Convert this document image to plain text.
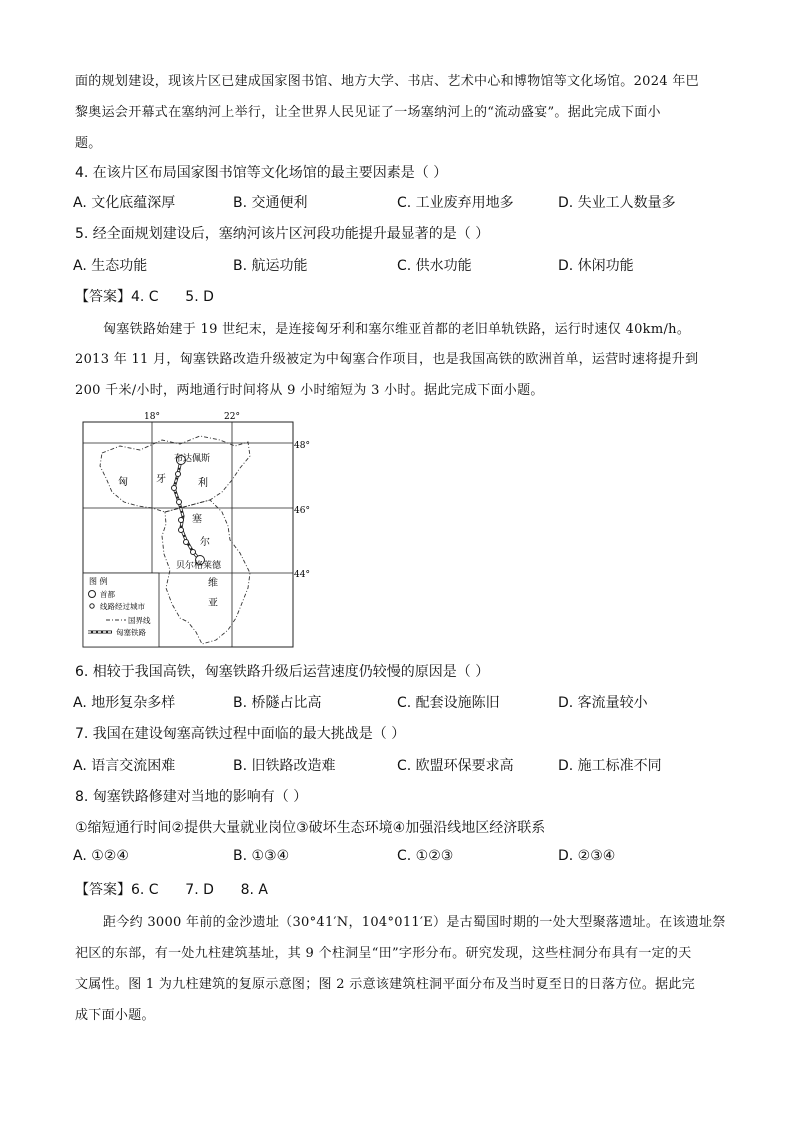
面的规划建设，现该片区已建成国家图书馆、地方大学、书店、艺术中心和博物馆等文化场馆。2024 年巴
黎奥运会开幕式在塞纳河上举行，让全世界人民见证了一场塞纳河上的“流动盛宴”。据此完成下面小
题。
4. 在该片区布局国家图书馆等文化场馆的最主要因素是（ ）
A. 文化底蕴深厚	B. 交通便利	C. 工业废弃用地多	D. 失业工人数量多
5. 经全面规划建设后，塞纳河该片区河段功能提升最显著的是（ ）
A. 生态功能	B. 航运功能	C. 供水功能	D. 休闲功能
【答案】4. C      5. D
匈塞铁路始建于 19 世纪末，是连接匈牙利和塞尔维亚首都的老旧单轨铁路，运行时速仅 40km/h。
2013 年 11 月，匈塞铁路改造升级被定为中匈塞合作项目，也是我国高铁的欧洲首单，运营时速将提升到
200 千米/小时，两地通行时间将从 9 小时缩短为 3 小时。据此完成下面小题。
18°	22°
48°
46°
44°
布达佩斯
贝尔格莱德
匈	牙	利
塞
尔
维
亚
图 例
首都
线路经过城市
国界线
匈塞铁路
6. 相较于我国高铁，匈塞铁路升级后运营速度仍较慢的原因是（ ）
A. 地形复杂多样	B. 桥隧占比高	C. 配套设施陈旧	D. 客流量较小
7. 我国在建设匈塞高铁过程中面临的最大挑战是（ ）
A. 语言交流困难	B. 旧铁路改造难	C. 欧盟环保要求高	D. 施工标准不同
8. 匈塞铁路修建对当地的影响有（ ）
①缩短通行时间②提供大量就业岗位③破坏生态环境④加强沿线地区经济联系
A. ①②④	B. ①③④	C. ①②③	D. ②③④
【答案】6. C      7. D      8. A
距今约 3000 年前的金沙遗址（30°41′N，104°011′E）是古蜀国时期的一处大型聚落遗址。在该遗址祭
祀区的东部，有一处九柱建筑基址，其 9 个柱洞呈“田”字形分布。研究发现，这些柱洞分布具有一定的天
文属性。图 1 为九柱建筑的复原示意图；图 2 示意该建筑柱洞平面分布及当时夏至日的日落方位。据此完
成下面小题。
